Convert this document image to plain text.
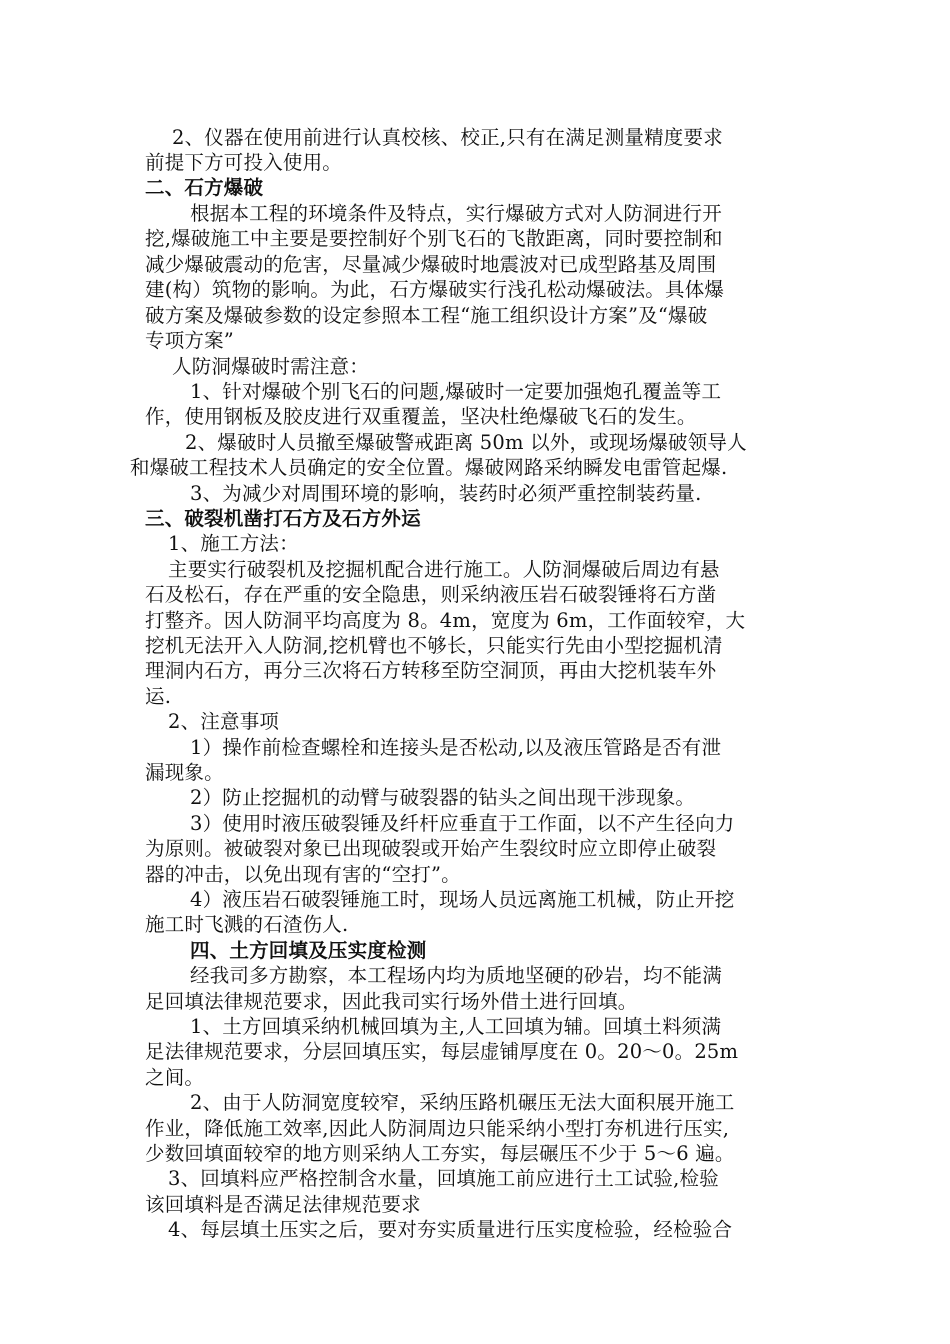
2、仪器在使用前进行认真校核、校正,只有在满足测量精度要求
前提下方可投入使用。
二、石方爆破
根据本工程的环境条件及特点，实行爆破方式对人防洞进行开
挖,爆破施工中主要是要控制好个别飞石的飞散距离，同时要控制和
减少爆破震动的危害，尽量减少爆破时地震波对已成型路基及周围
建(构）筑物的影响。为此，石方爆破实行浅孔松动爆破法。具体爆
破方案及爆破参数的设定参照本工程“施工组织设计方案”及“爆破
专项方案”
人防洞爆破时需注意：
1、针对爆破个别飞石的问题,爆破时一定要加强炮孔覆盖等工
作，使用钢板及胶皮进行双重覆盖，坚决杜绝爆破飞石的发生。
2、爆破时人员撤至爆破警戒距离 50m 以外，或现场爆破领导人
和爆破工程技术人员确定的安全位置。爆破网路采纳瞬发电雷管起爆.
3、为减少对周围环境的影响，装药时必须严重控制装药量.
三、破裂机凿打石方及石方外运
1、施工方法：
主要实行破裂机及挖掘机配合进行施工。人防洞爆破后周边有悬
石及松石，存在严重的安全隐患，则采纳液压岩石破裂锤将石方凿
打整齐。因人防洞平均高度为 8。4m，宽度为 6m，工作面较窄，大
挖机无法开入人防洞,挖机臂也不够长，只能实行先由小型挖掘机清
理洞内石方，再分三次将石方转移至防空洞顶，再由大挖机装车外
运.
2、注意事项
1）操作前检查螺栓和连接头是否松动,以及液压管路是否有泄
漏现象。
2）防止挖掘机的动臂与破裂器的钻头之间出现干涉现象。
3）使用时液压破裂锤及纤杆应垂直于工作面，以不产生径向力
为原则。被破裂对象已出现破裂或开始产生裂纹时应立即停止破裂
器的冲击，以免出现有害的“空打”。
4）液压岩石破裂锤施工时，现场人员远离施工机械，防止开挖
施工时飞溅的石渣伤人.
四、土方回填及压实度检测
经我司多方勘察，本工程场内均为质地坚硬的砂岩，均不能满
足回填法律规范要求，因此我司实行场外借土进行回填。
1、土方回填采纳机械回填为主,人工回填为辅。回填土料须满
足法律规范要求，分层回填压实，每层虚铺厚度在 0。20～0。25m
之间。
2、由于人防洞宽度较窄，采纳压路机碾压无法大面积展开施工
作业，降低施工效率,因此人防洞周边只能采纳小型打夯机进行压实,
少数回填面较窄的地方则采纳人工夯实，每层碾压不少于 5～6 遍。
3、回填料应严格控制含水量，回填施工前应进行土工试验,检验
该回填料是否满足法律规范要求
4、每层填土压实之后，要对夯实质量进行压实度检验，经检验合
